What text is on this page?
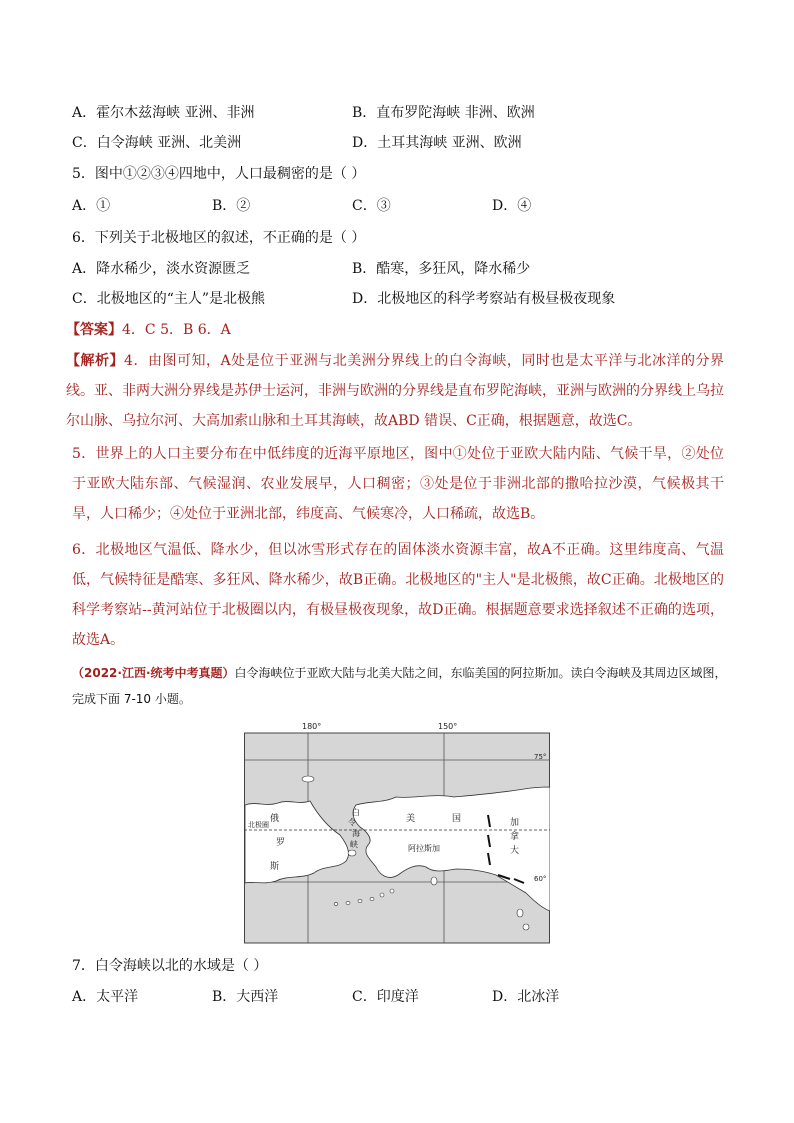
A．霍尔木兹海峡 亚洲、非洲	B．直布罗陀海峡 非洲、欧洲
C．白令海峡 亚洲、北美洲	D．土耳其海峡 亚洲、欧洲
5．图中①②③④四地中，人口最稠密的是（ ）
A．①	B．②	C．③	D．④
6．下列关于北极地区的叙述，不正确的是（ ）
A．降水稀少，淡水资源匮乏	B．酷寒，多狂风，降水稀少
C．北极地区的“主人”是北极熊	D．北极地区的科学考察站有极昼极夜现象
【答案】4．C 5．B 6．A
【解析】4．由图可知，A处是位于亚洲与北美洲分界线上的白令海峡，同时也是太平洋与北冰洋的分界线。亚、非两大洲分界线是苏伊士运河，非洲与欧洲的分界线是直布罗陀海峡，亚洲与欧洲的分界线上乌拉尔山脉、乌拉尔河、大高加索山脉和土耳其海峡，故ABD 错误、C正确，根据题意，故选C。
5．世界上的人口主要分布在中低纬度的近海平原地区，图中①处位于亚欧大陆内陆、气候干旱，②处位于亚欧大陆东部、气候湿润、农业发展早，人口稠密；③处是位于非洲北部的撒哈拉沙漠，气候极其干旱，人口稀少；④处位于亚洲北部，纬度高、气候寒冷，人口稀疏，故选B。
6．北极地区气温低、降水少，但以冰雪形式存在的固体淡水资源丰富，故A不正确。这里纬度高、气温低，气候特征是酷寒、多狂风、降水稀少，故B正确。北极地区的"主人"是北极熊，故C正确。北极地区的科学考察站--黄河站位于北极圈以内，有极昼极夜现象，故D正确。根据题意要求选择叙述不正确的选项，故选A。
（2022·江西·统考中考真题）白令海峡位于亚欧大陆与北美大陆之间，东临美国的阿拉斯加。读白令海峡及其周边区域图，完成下面 7-10 小题。
180°	150°
75°
60°
北极圈
俄
罗
斯
白
令
海
峡
美	国
阿拉斯加
加
拿
大
7．白令海峡以北的水域是（ ）
A．太平洋	B．大西洋	C．印度洋	D．北冰洋
